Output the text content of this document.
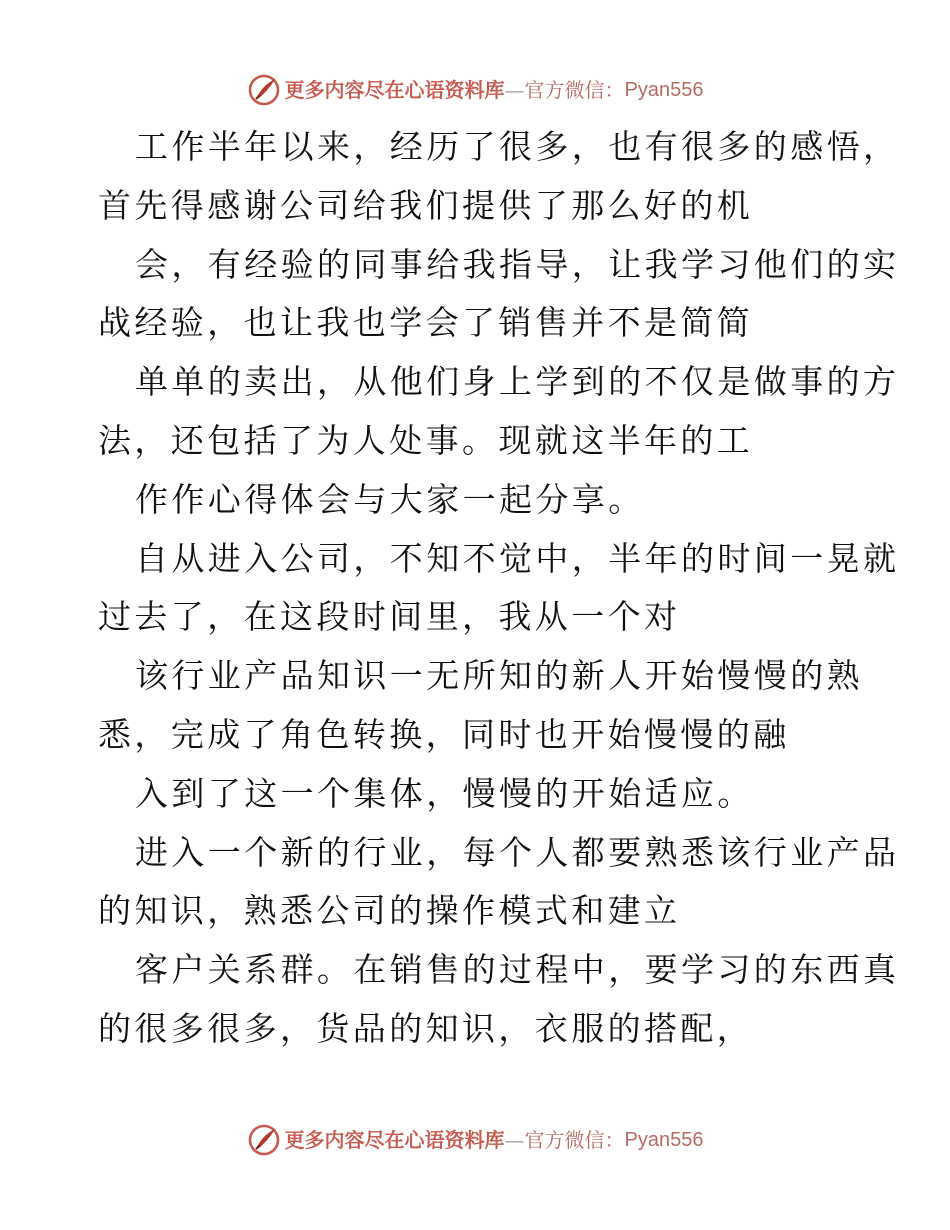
更多内容尽在心语资料库 — 官方微信： Pyan556
工作半年以来，经历了很多，也有很多的感悟，
首先得感谢公司给我们提供了那么好的机
会，有经验的同事给我指导，让我学习他们的实
战经验，也让我也学会了销售并不是简简
单单的卖出，从他们身上学到的不仅是做事的方
法，还包括了为人处事。现就这半年的工
作作心得体会与大家一起分享。
自从进入公司，不知不觉中，半年的时间一晃就
过去了，在这段时间里，我从一个对
该行业产品知识一无所知的新人开始慢慢的熟
悉，完成了角色转换，同时也开始慢慢的融
入到了这一个集体，慢慢的开始适应。
进入一个新的行业，每个人都要熟悉该行业产品
的知识，熟悉公司的操作模式和建立
客户关系群。在销售的过程中，要学习的东西真
的很多很多，货品的知识，衣服的搭配，
更多内容尽在心语资料库 — 官方微信： Pyan556
